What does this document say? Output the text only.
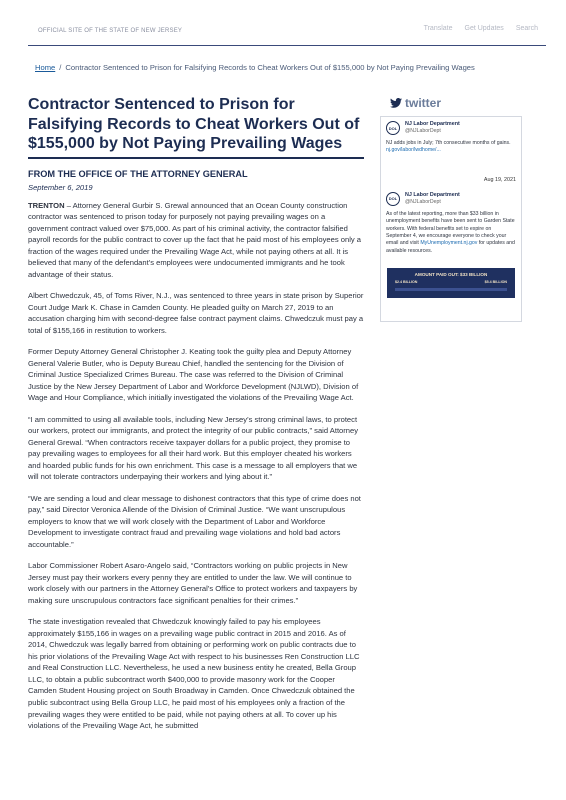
OFFICIAL SITE OF THE STATE OF NEW JERSEY	Translate Get Updates Search
Home / Contractor Sentenced to Prison for Falsifying Records to Cheat Workers Out of $155,000 by Not Paying Prevailing Wages
Contractor Sentenced to Prison for Falsifying Records to Cheat Workers Out of $155,000 by Not Paying Prevailing Wages
FROM THE OFFICE OF THE ATTORNEY GENERAL
September 6, 2019

TRENTON – Attorney General Gurbir S. Grewal announced that an Ocean County construction contractor was sentenced to prison today for purposely not paying prevailing wages on a government contract valued over $75,000. As part of his criminal activity, the contractor falsified payroll records for the public contract to cover up the fact that he paid most of his employees only a fraction of the wages required under the Prevailing Wage Act, while not paying others at all. It is believed that many of the defendant's employees were undocumented immigrants and he took advantage of their status.

Albert Chwedczuk, 45, of Toms River, N.J., was sentenced to three years in state prison by Superior Court Judge Mark K. Chase in Camden County. He pleaded guilty on March 27, 2019 to an accusation charging him with second-degree false contract payment claims. Chwedczuk must pay a total of $155,166 in restitution to workers.

Former Deputy Attorney General Christopher J. Keating took the guilty plea and Deputy Attorney General Valerie Butler, who is Deputy Bureau Chief, handled the sentencing for the Division of Criminal Justice Specialized Crimes Bureau. The case was referred to the Division of Criminal Justice by the New Jersey Department of Labor and Workforce Development (NJLWD), Division of Wage and Hour Compliance, which initially investigated the violations of the Prevailing Wage Act.

“I am committed to using all available tools, including New Jersey’s strong criminal laws, to protect our workers, protect our immigrants, and protect the integrity of our public contracts,” said Attorney General Grewal. “When contractors receive taxpayer dollars for a public project, they promise to pay prevailing wages to employees for all their hard work. But this employer cheated his workers and hoarded public funds for his own enrichment. This case is a message to all employers that we will not tolerate contractors underpaying their workers and lying about it.”

“We are sending a loud and clear message to dishonest contractors that this type of crime does not pay,” said Director Veronica Allende of the Division of Criminal Justice. “We want unscrupulous employers to know that we will work closely with the Department of Labor and Workforce Development to investigate contract fraud and prevailing wage violations and hold bad actors accountable.”

Labor Commissioner Robert Asaro-Angelo said, “Contractors working on public projects in New Jersey must pay their workers every penny they are entitled to under the law. We will continue to work closely with our partners in the Attorney General’s Office to protect workers and taxpayers by making sure unscrupulous contractors face significant penalties for their crimes.”

The state investigation revealed that Chwedczuk knowingly failed to pay his employees approximately $155,166 in wages on a prevailing wage public contract in 2015 and 2016. As of 2014, Chwedczuk was legally barred from obtaining or performing work on public contracts due to his prior violations of the Prevailing Wage Act with respect to his businesses Ren Construction LLC and Real Construction LLC. Nevertheless, he used a new business entity he created, Bella Group LLC, to obtain a public subcontract worth $400,000 to provide masonry work for the Cooper Camden Student Housing project on South Broadway in Camden. Once Chwedczuk obtained the public subcontract using Bella Group LLC, he paid most of his employees only a fraction of the prevailing wages they were entitled to be paid, while not paying others at all. To cover up his violations of the Prevailing Wage Act, he submitted

twitter
DOL
NJ Labor Department
@NJLaborDept
NJ adds jobs in July; 7th consecutive months of gains. nj.gov/labor/lwdhome/...
Aug 19, 2021
DOL
NJ Labor Department
@NJLaborDept
As of the latest reporting, more than $33 billion in unemployment benefits have been sent to Garden State workers. With federal benefits set to expire on September 4, we encourage everyone to check your email and visit MyUnemployment.nj.gov for updates and available resources.
AMOUNT PAID OUT: $33 BILLION
$2.4 BILLION	$5.4 BILLION
